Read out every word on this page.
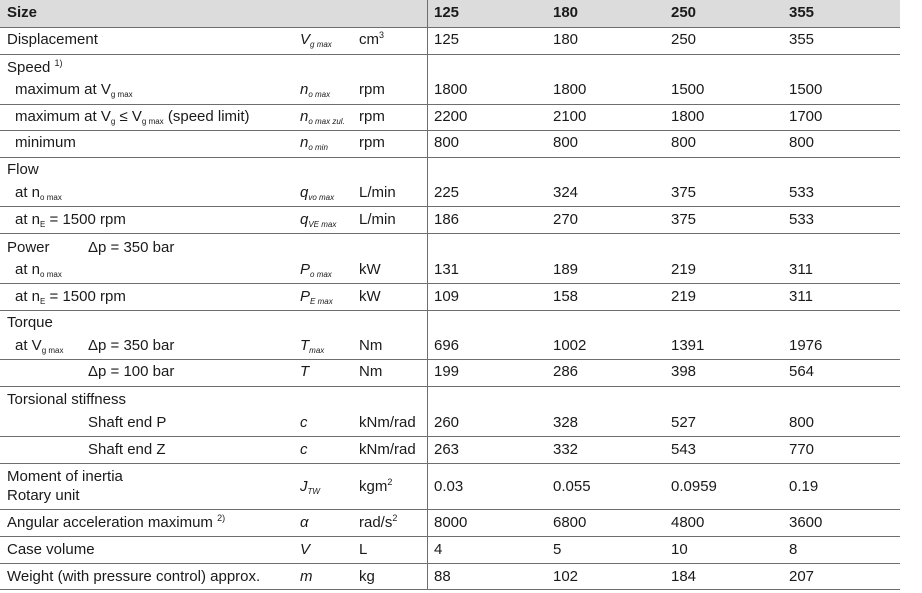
Size	125	180	250	355
Displacement	$V_{g max}$ $cm^3$	125	180	250	355
Speed $^{1)}$
maximum at $V_{g max}$	$n_{o max}$ rpm	1800	1800	1500	1500
maximum at $V_g \le V_{g max}$ (speed limit)	$n_{o max zul.}$ rpm	2200	2100	1800	1700
minimum	$n_{o min}$ rpm	800	800	800	800
Flow
at $n_{o max}$	$q_{vo max}$ L/min	225	324	375	533
at $n_E = 1500$ rpm	$q_{VE max}$ L/min	186	270	375	533
Power	Δp = 350 bar
at $n_{o max}$	$P_{o max}$ kW	131	189	219	311
at $n_E = 1500$ rpm	$P_{E max}$ kW	109	158	219	311
Torque
at $V_{g max}$ Δp = 350 bar	$T_{max}$ Nm	696	1002	1391	1976
Δp = 100 bar	T	Nm	199	286	398	564
Torsional stiffness
Shaft end P	c	kNm/rad 260	328	527	800
Shaft end Z	c	kNm/rad 263	332	543	770
Moment of inertia
Rotary unit
$J_{TW}$	kgm$^2$	0.03	0.055	0.0959	0.19
Angular acceleration maximum $^{2)}$	α	rad/$s^2$ 8000	6800	4800	3600
Case volume	V	L	4	5	10	8
Weight (with pressure control) approx.	m	kg	88	102	184	207
